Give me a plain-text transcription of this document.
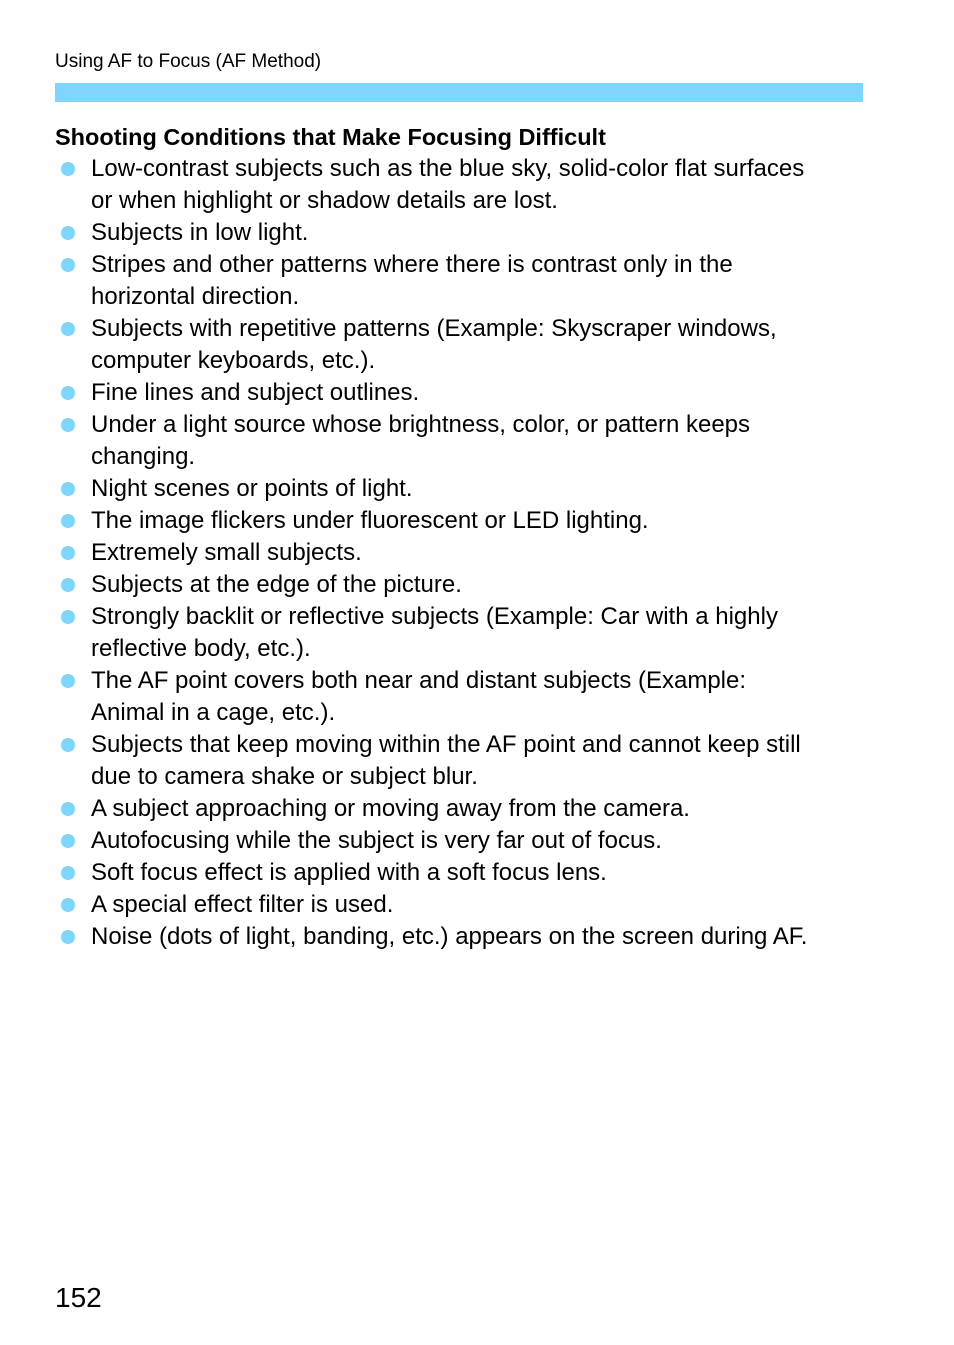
Using AF to Focus (AF Method)
Shooting Conditions that Make Focusing Difficult
Low-contrast subjects such as the blue sky, solid-color flat surfaces
or when highlight or shadow details are lost.
Subjects in low light.
Stripes and other patterns where there is contrast only in the
horizontal direction.
Subjects with repetitive patterns (Example: Skyscraper windows,
computer keyboards, etc.).
Fine lines and subject outlines.
Under a light source whose brightness, color, or pattern keeps
changing.
Night scenes or points of light.
The image flickers under fluorescent or LED lighting.
Extremely small subjects.
Subjects at the edge of the picture.
Strongly backlit or reflective subjects (Example: Car with a highly
reflective body, etc.).
The AF point covers both near and distant subjects (Example:
Animal in a cage, etc.).
Subjects that keep moving within the AF point and cannot keep still
due to camera shake or subject blur.
A subject approaching or moving away from the camera.
Autofocusing while the subject is very far out of focus.
Soft focus effect is applied with a soft focus lens.
A special effect filter is used.
Noise (dots of light, banding, etc.) appears on the screen during AF.
152
